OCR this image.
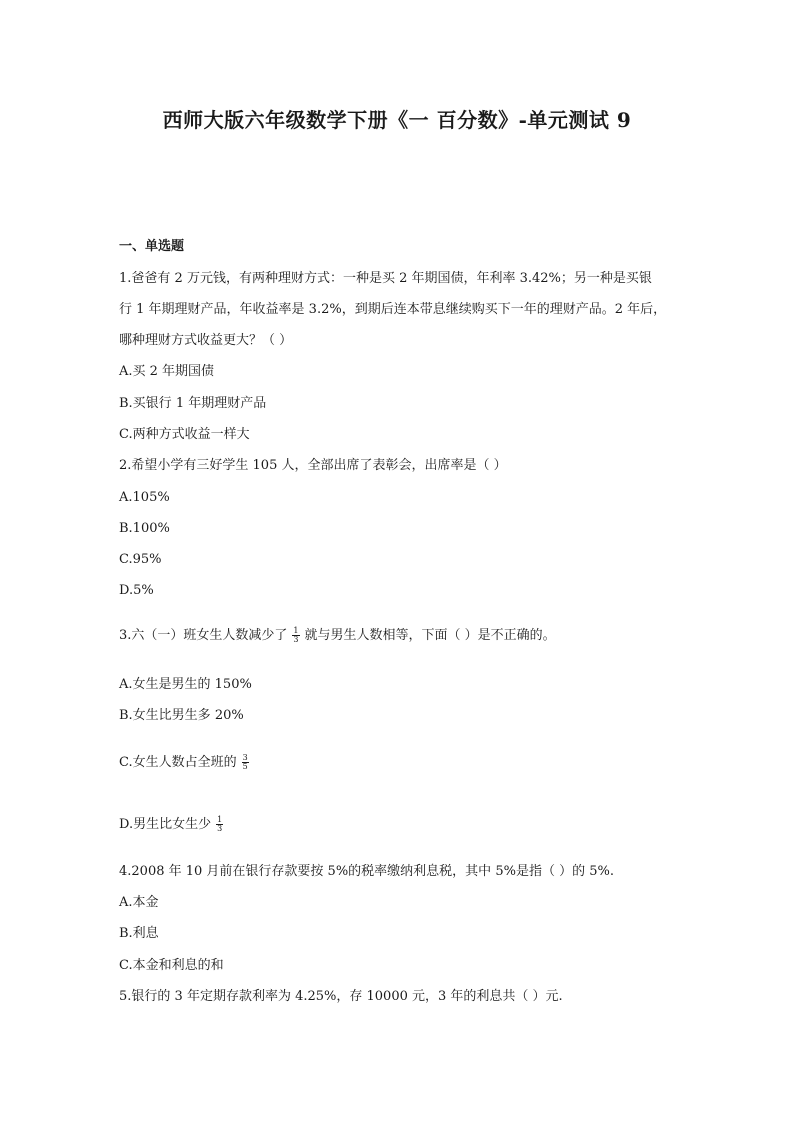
西师大版六年级数学下册《一 百分数》-单元测试 9
一、单选题
1.爸爸有 2 万元钱，有两种理财方式：一种是买 2 年期国债，年利率 3.42%；另一种是买银
行 1 年期理财产品，年收益率是 3.2%，到期后连本带息继续购买下一年的理财产品。2 年后，
哪种理财方式收益更大？（ ）
A.买 2 年期国债
B.买银行 1 年期理财产品
C.两种方式收益一样大
2.希望小学有三好学生 105 人，全部出席了表彰会，出席率是（ ）
A.105%
B.100%
C.95%
D.5%
3.六（一）班女生人数减少了 $\frac{1}{3}$ 就与男生人数相等，下面（ ）是不正确的。
A.女生是男生的 150%
B.女生比男生多 20%
C.女生人数占全班的 $\frac{3}{5}$
D.男生比女生少 $\frac{1}{3}$
4.2008 年 10 月前在银行存款要按 5%的税率缴纳利息税，其中 5%是指（ ）的 5%.
A.本金
B.利息
C.本金和利息的和
5.银行的 3 年定期存款利率为 4.25%，存 10000 元，3 年的利息共（ ）元.
